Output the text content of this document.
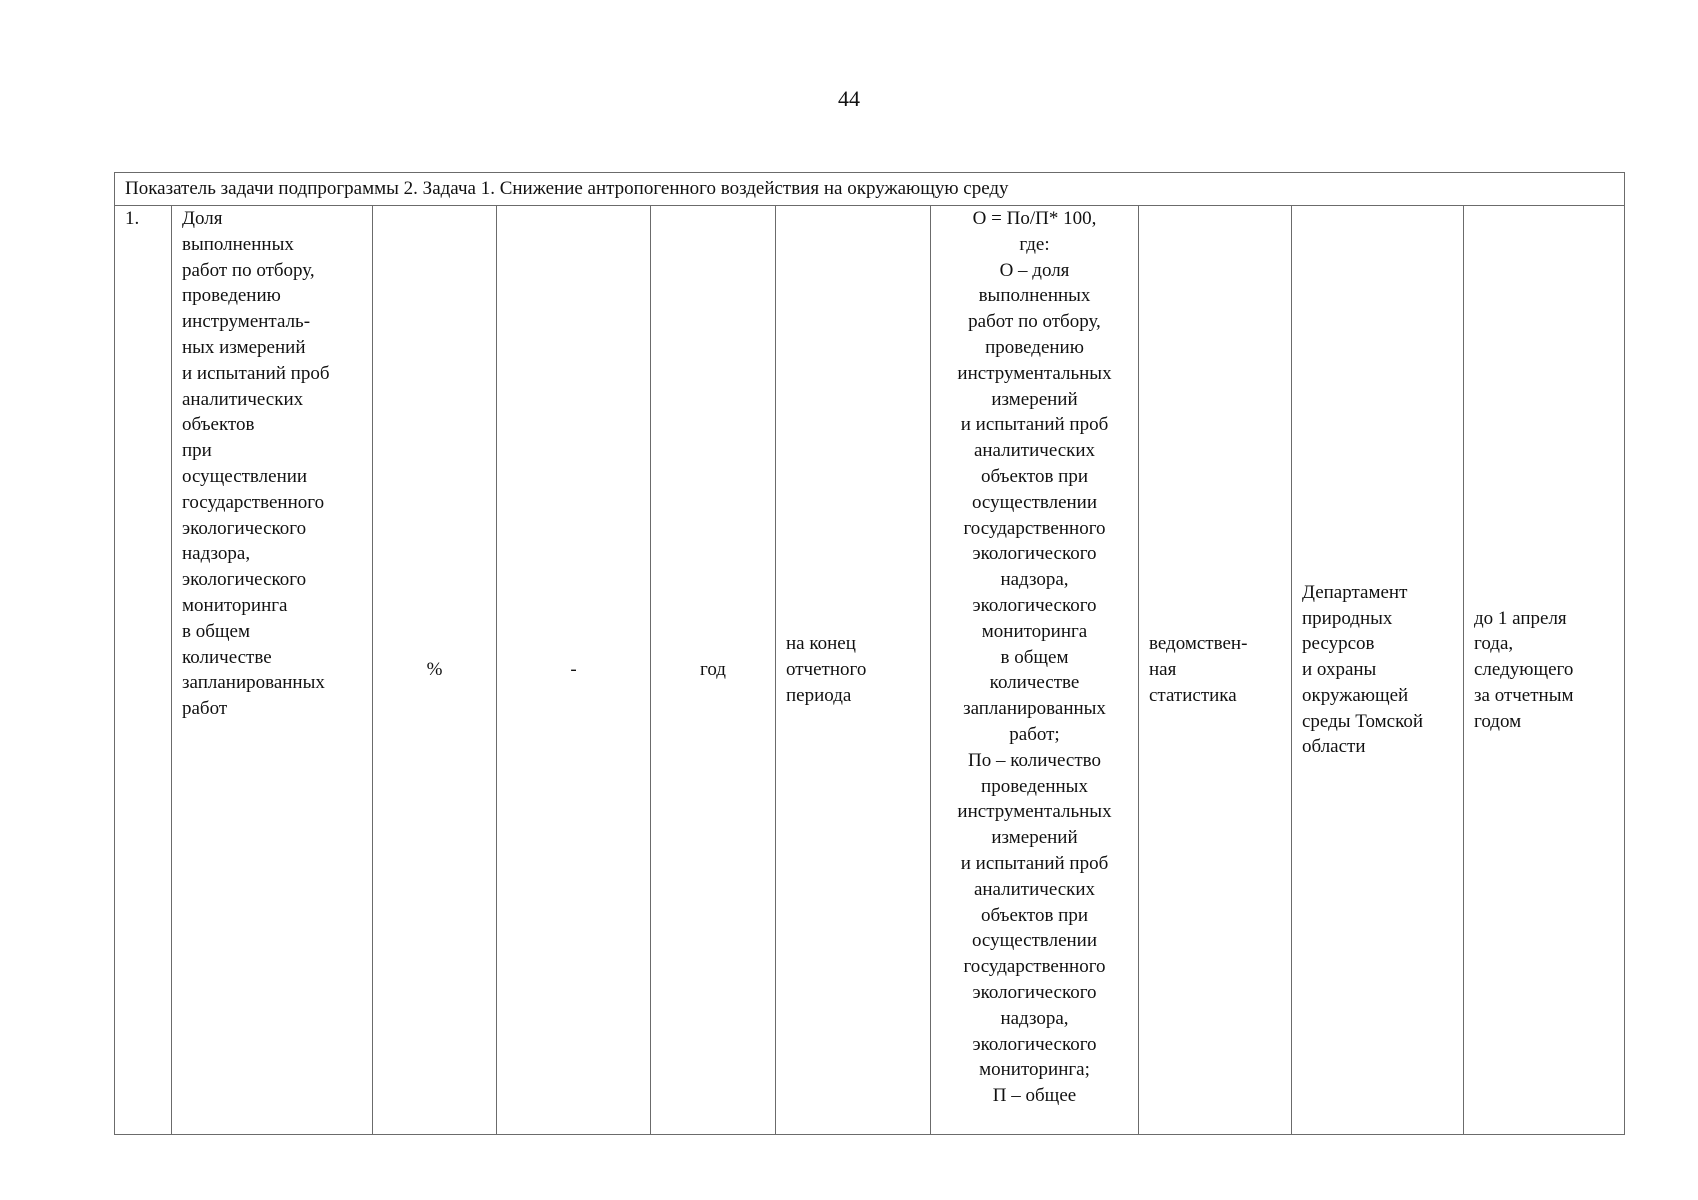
44
Показатель задачи подпрограммы 2. Задача 1. Снижение антропогенного воздействия на окружающую среду
1.	Доля
выполненных
работ по отбору,
проведению
инструменталь-
ных измерений
и испытаний проб
аналитических
объектов
при
осуществлении
государственного
экологического
надзора,
экологического
мониторинга
в общем
количестве
запланированных
работ	%	-	год	на конец
отчетного
периода	О = По/П* 100,
где:
О – доля
выполненных
работ по отбору,
проведению
инструментальных
измерений
и испытаний проб
аналитических
объектов при
осуществлении
государственного
экологического
надзора,
экологического
мониторинга
в общем
количестве
запланированных
работ;
По – количество
проведенных
инструментальных
измерений
и испытаний проб
аналитических
объектов при
осуществлении
государственного
экологического
надзора,
экологического
мониторинга;
П – общее	ведомствен-
ная
статистика	Департамент
природных
ресурсов
и охраны
окружающей
среды Томской
области	до 1 апреля
года,
следующего
за отчетным
годом
